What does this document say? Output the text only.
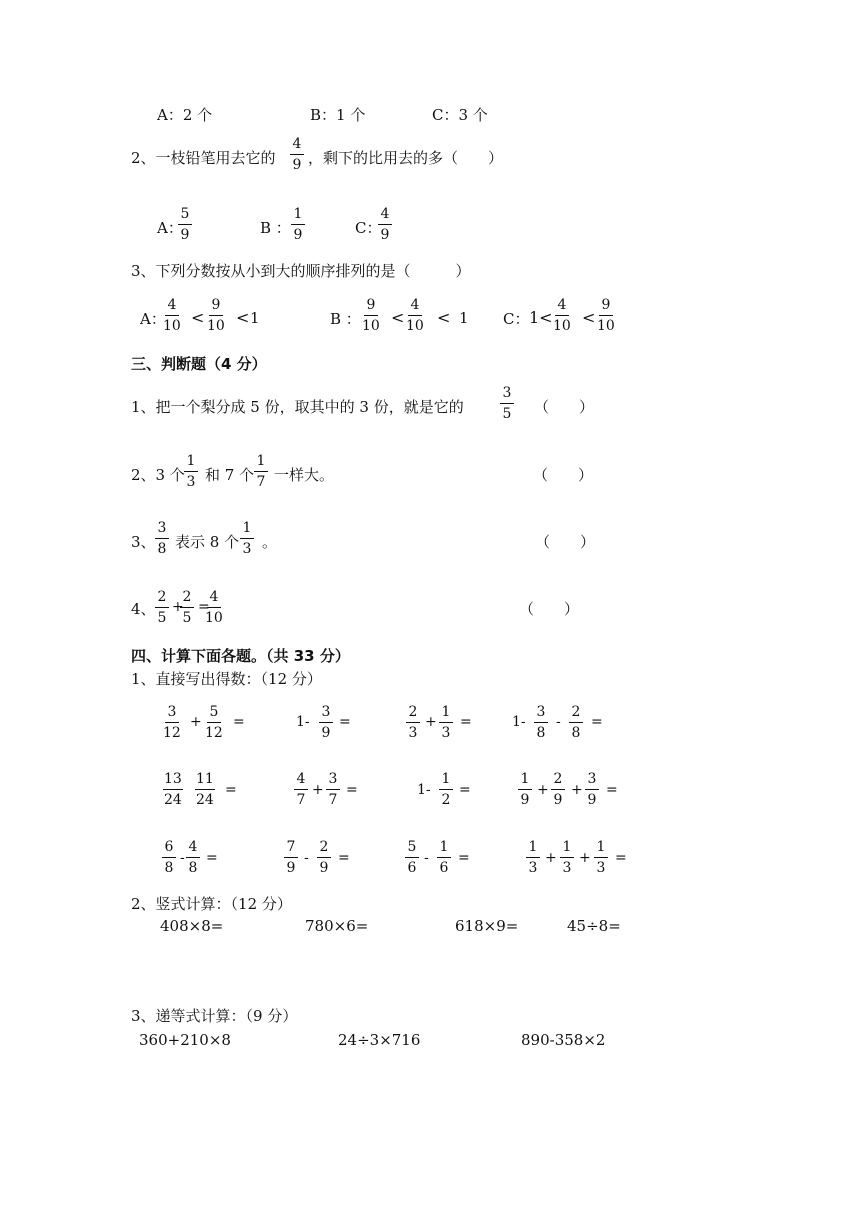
A：2 个	B：1 个	C：3 个
2、一枝铅笔用去它的 $\frac{4}{9}$ ，剩下的比用去的多（　　）
A：
$\frac{5}{9}$	B ： $\frac{1}{9}$	C：
$\frac{4}{9}$
3、下列分数按从小到大的顺序排列的是（　　　）
A：
$\frac{4}{10} < \frac{9}{10} < 1$	B ： $\frac{9}{10} < \frac{4}{10} < 1$ C： $1< \frac{4}{10} < \frac{9}{10}$
三、判断题（4 分）
1、把一个梨分成 5 份，取其中的 3 份，就是它的	$\frac{3}{5}$ （　　）
2、3 个 $\frac{1}{3}$ 和 7 个 $\frac{1}{7}$ 一样大。	（　　）
3、 $\frac{3}{8}$ 表示 8 个 $\frac{1}{3}$ 。	（　　）
4、 $\frac{2}{5}$ +
$\frac{2}{5}$ =
$\frac{4}{10}$	（　　）
四、计算下面各题。（共 33 分）
1、直接写出得数：（12 分）
$\frac{3}{12} + \frac{5}{12}$ =	$1- \frac{3}{9}$ =	$\frac{2}{3} + \frac{1}{3}$ =	$1- \frac{3}{8} - \frac{2}{8}$ =
$\frac{13}{24} \frac{11}{24}$ =	$\frac{4}{7} + \frac{3}{7}$ =	$1- \frac{1}{2}$ =	$\frac{1}{9} + \frac{2}{9} + \frac{3}{9}$ =
$\frac{6}{8} - \frac{4}{8}$ =	$\frac{7}{9} - \frac{2}{9}$ =	$\frac{5}{6} - \frac{1}{6}$ =	$\frac{1}{3} + \frac{1}{3} + \frac{1}{3}$ =
2、竖式计算：（12 分）
408×8=	780×6=	618×9=	45÷8=
3、递等式计算：（9 分）
360+210×8	24÷3×716	890-358×2
